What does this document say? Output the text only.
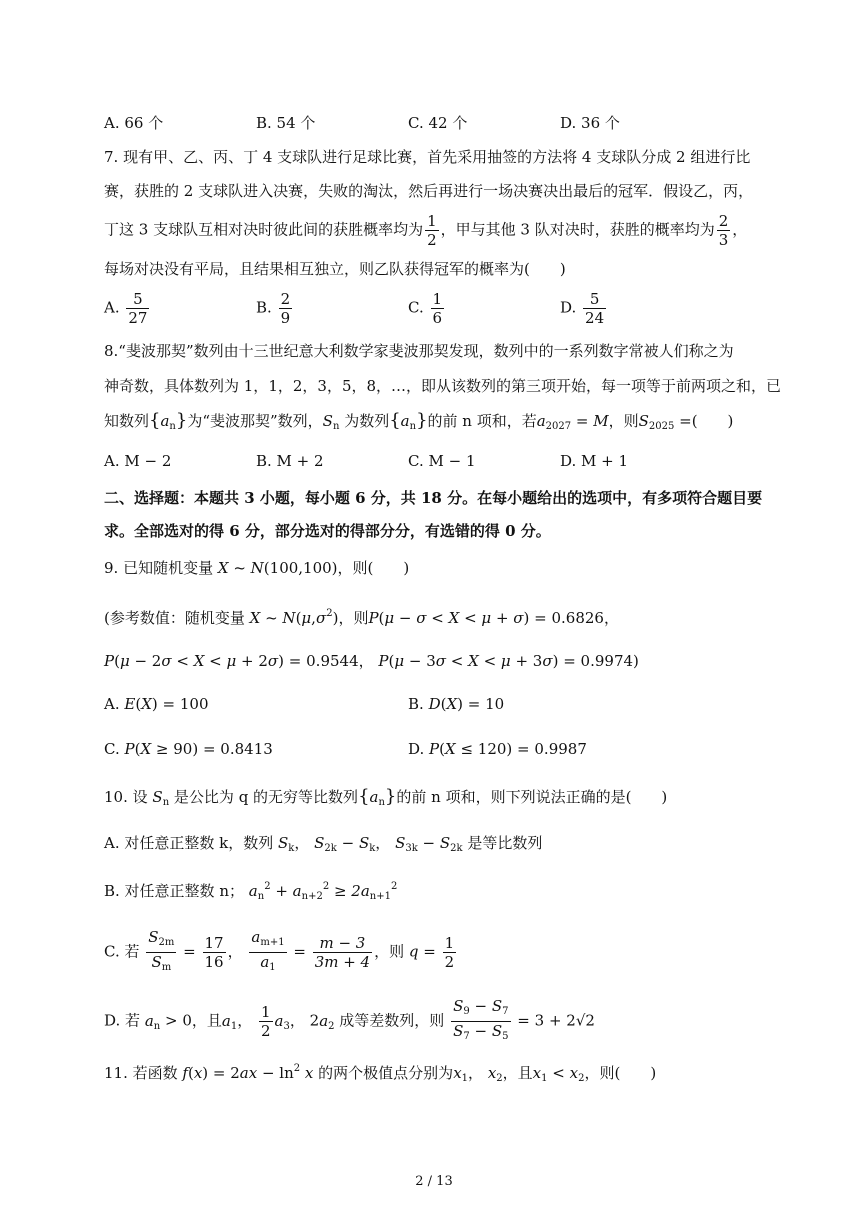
A. 66 个	B. 54 个	C. 42 个	D. 36 个
7. 现有甲、乙、丙、丁 4 支球队进行足球比赛，首先采用抽签的方法将 4 支球队分成 2 组进行比
赛，获胜的 2 支球队进入决赛，失败的淘汰，然后再进行一场决赛决出最后的冠军．假设乙，丙，
丁这 3 支球队互相对决时彼此间的获胜概率均为 $\frac{1}{2}$ ，甲与其他 3 队对决时，获胜的概率均为 $\frac{2}{3}$ ，
每场对决没有平局，且结果相互独立，则乙队获得冠军的概率为(　　)
A. $\frac{5}{27}$	B. $\frac{2}{9}$	C. $\frac{1}{6}$	D. $\frac{5}{24}$
8.“斐波那契”数列由十三世纪意大利数学家斐波那契发现，数列中的一系列数字常被人们称之为
神奇数，具体数列为 1，1，2，3，5，8，…，即从该数列的第三项开始，每一项等于前两项之和，已
知数列$\{a_n\}$为“斐波那契”数列，$S_n$ 为数列$\{a_n\}$的前 n 项和，若$a_{2027} = M$，则$S_{2025}$ =(　　)
A. M − 2	B. M + 2	C. M − 1	D. M + 1
二、选择题：本题共 3 小题，每小题 6 分，共 18 分。在每小题给出的选项中，有多项符合题目要
求。全部选对的得 6 分，部分选对的得部分分，有选错的得 0 分。
9. 已知随机变量 X ~ N(100,100)，则(　　)
(参考数值：随机变量 X ~ $N(\mu,\sigma^2)$，则P(μ − σ < X < μ + σ) = 0.6826，
P(μ − 2σ < X < μ + 2σ) = 0.9544， P(μ − 3σ < X < μ + 3σ) = 0.9974)
A. E(X) = 100	B. D(X) = 10
C. P(X ≥ 90) = 0.8413	D. P(X ≤ 120) = 0.9987
10. 设 $S_n$ 是公比为 q 的无穷等比数列$\{a_n\}$的前 n 项和，则下列说法正确的是(　　)
A. 对任意正整数 k，数列 $S_k$， $S_{2k} - S_k$， $S_{3k} - S_{2k}$ 是等比数列
B. 对任意正整数 n； $a_n^2 + a_{n+2}^2 \ge 2a_{n+1}^2$
C. 若 $\frac{S_{2m}}{S_m} = \frac{17}{16}$ ， $\frac{a_{m+1}}{a_1} = \frac{m - 3}{3m + 4}$ ，则 $q = \frac{1}{2}$
D. 若 $a_n > 0$，且$a_1$， $\frac{1}{2} a_3$， $2a_2$ 成等差数列，则 $\frac{S_9 - S_7}{S_7 - S_5} = 3 + 2√2$
11. 若函数 $f(x) = 2ax - \ln^2 x$ 的两个极值点分别为$x_1$， $x_2$，且$x_1 < x_2$，则(　　)
2 / 13
